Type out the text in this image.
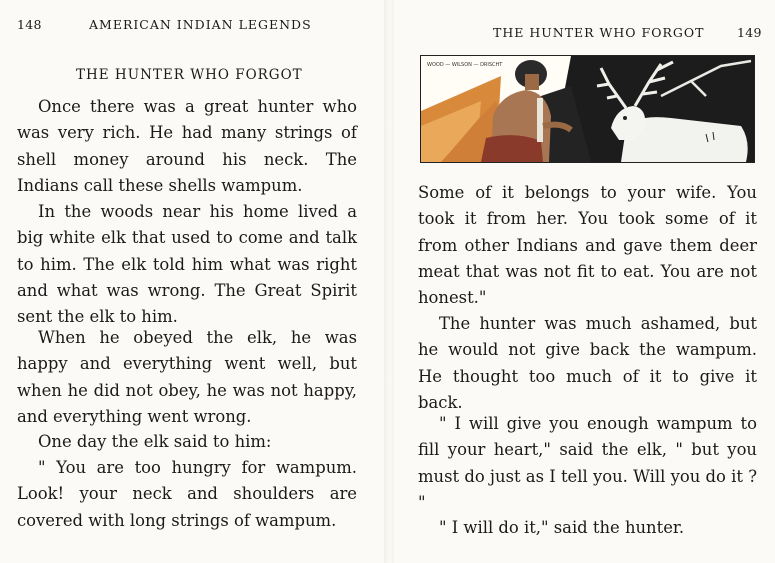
148	AMERICAN INDIAN LEGENDS
THE HUNTER WHO FORGOT

Once there was a great hunter who was very rich. He had many strings of shell money around his neck. The Indians call these shells wampum.

In the woods near his home lived a big white elk that used to come and talk to him. The elk told him what was right and what was wrong. The Great Spirit sent the elk to him.

When he obeyed the elk, he was happy and everything went well, but when he did not obey, he was not happy, and everything went wrong.

One day the elk said to him:

" You are too hungry for wampum. Look! your neck and shoulders are covered with long strings of wampum.

THE HUNTER WHO FORGOT	149
WOOD — WILSON — DRISCHT

Some of it belongs to your wife. You took it from her. You took some of it from other Indians and gave them deer meat that was not fit to eat. You are not honest."

The hunter was much ashamed, but he would not give back the wampum. He thought too much of it to give it back.

" I will give you enough wampum to fill your heart," said the elk, " but you must do just as I tell you. Will you do it ? "

" I will do it," said the hunter.
